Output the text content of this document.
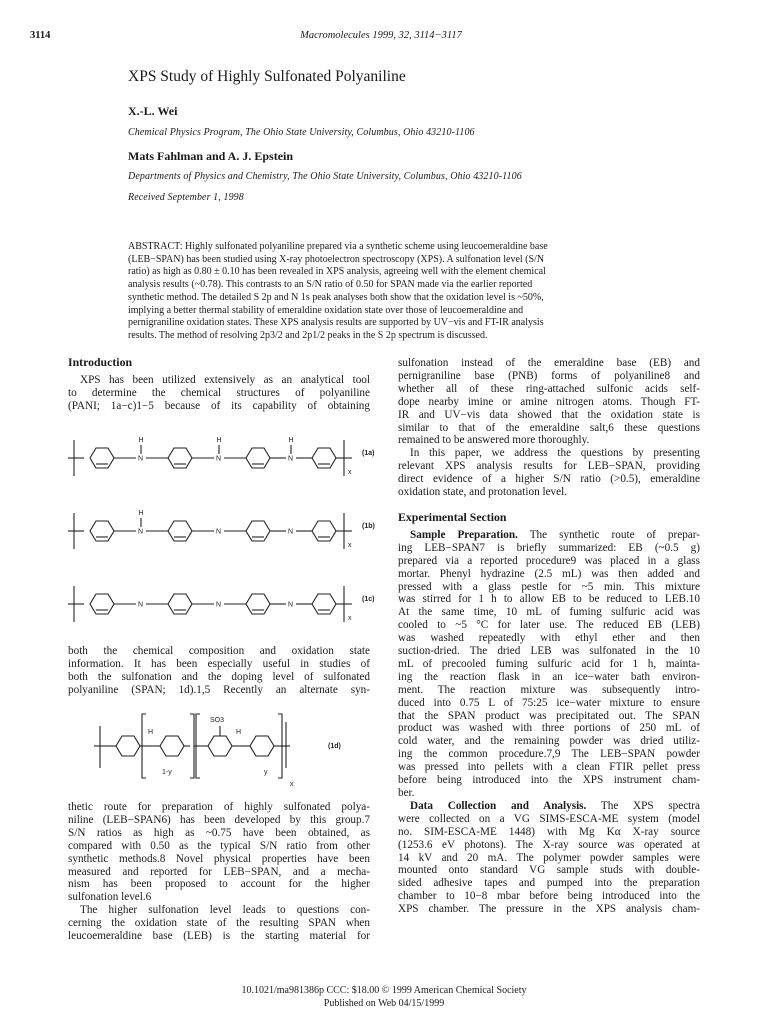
3114	Macromolecules 1999, 32, 3114−3117
XPS Study of Highly Sulfonated Polyaniline
X.-L. Wei
Chemical Physics Program, The Ohio State University, Columbus, Ohio 43210-1106
Mats Fahlman and A. J. Epstein
Departments of Physics and Chemistry, The Ohio State University, Columbus, Ohio 43210-1106
Received September 1, 1998
ABSTRACT: Highly sulfonated polyaniline prepared via a synthetic scheme using leucoemeraldine base
(LEB−SPAN) has been studied using X-ray photoelectron spectroscopy (XPS). A sulfonation level (S/N
ratio) as high as 0.80 ± 0.10 has been revealed in XPS analysis, agreeing well with the element chemical
analysis results (~0.78). This contrasts to an S/N ratio of 0.50 for SPAN made via the earlier reported
synthetic method. The detailed S 2p and N 1s peak analyses both show that the oxidation level is ~50%,
implying a better thermal stability of emeraldine oxidation state over those of leucoemeraldine and
pernigraniline oxidation states. These XPS analysis results are supported by UV−vis and FT-IR analysis
results. The method of resolving 2p3/2 and 2p1/2 peaks in the S 2p spectrum is discussed.
Introduction
XPS has been utilized extensively as an analytical tool
to determine the chemical structures of polyaniline
(PANI; 1a−c)1−5 because of its capability of obtaining
N
H
N
H
N
H
x
(1a)
N
H
N	N
x
(1b)
N	N	N
x
(1c)
both the chemical composition and oxidation state
information. It has been especially useful in studies of
both the sulfonation and the doping level of sulfonated
polyaniline (SPAN; 1d).1,5 Recently an alternate syn-
H	H
SO3
1-y	y
x
(1d)
thetic route for preparation of highly sulfonated polya-
niline (LEB−SPAN6) has been developed by this group.7
S/N ratios as high as ~0.75 have been obtained, as
compared with 0.50 as the typical S/N ratio from other
synthetic methods.8 Novel physical properties have been
measured and reported for LEB−SPAN, and a mecha-
nism has been proposed to account for the higher
sulfonation level.6
The higher sulfonation level leads to questions con-
cerning the oxidation state of the resulting SPAN when
leucoemeraldine base (LEB) is the starting material for
sulfonation instead of the emeraldine base (EB) and
pernigraniline base (PNB) forms of polyaniline8 and
whether all of these ring-attached sulfonic acids self-
dope nearby imine or amine nitrogen atoms. Though FT-
IR and UV−vis data showed that the oxidation state is
similar to that of the emeraldine salt,6 these questions
remained to be answered more thoroughly.
In this paper, we address the questions by presenting
relevant XPS analysis results for LEB−SPAN, providing
direct evidence of a higher S/N ratio (>0.5), emeraldine
oxidation state, and protonation level.
Experimental Section
Sample Preparation. The synthetic route of prepar-
ing LEB−SPAN7 is briefly summarized: EB (~0.5 g)
prepared via a reported procedure9 was placed in a glass
mortar. Phenyl hydrazine (2.5 mL) was then added and
pressed with a glass pestle for ~5 min. This mixture
was stirred for 1 h to allow EB to be reduced to LEB.10
At the same time, 10 mL of fuming sulfuric acid was
cooled to ~5 °C for later use. The reduced EB (LEB)
was washed repeatedly with ethyl ether and then
suction-dried. The dried LEB was sulfonated in the 10
mL of precooled fuming sulfuric acid for 1 h, mainta-
ing the reaction flask in an ice−water bath environ-
ment. The reaction mixture was subsequently intro-
duced into 0.75 L of 75:25 ice−water mixture to ensure
that the SPAN product was precipitated out. The SPAN
product was washed with three portions of 250 mL of
cold water, and the remaining powder was dried utiliz-
ing the common procedure.7,9 The LEB−SPAN powder
was pressed into pellets with a clean FTIR pellet press
before being introduced into the XPS instrument cham-
ber.
Data Collection and Analysis. The XPS spectra
were collected on a VG SIMS-ESCA-ME system (model
no. SIM-ESCA-ME 1448) with Mg Kα X-ray source
(1253.6 eV photons). The X-ray source was operated at
14 kV and 20 mA. The polymer powder samples were
mounted onto standard VG sample studs with double-
sided adhesive tapes and pumped into the preparation
chamber to 10−8 mbar before being introduced into the
XPS chamber. The pressure in the XPS analysis cham-
10.1021/ma981386p CCC: $18.00 © 1999 American Chemical Society
Published on Web 04/15/1999
